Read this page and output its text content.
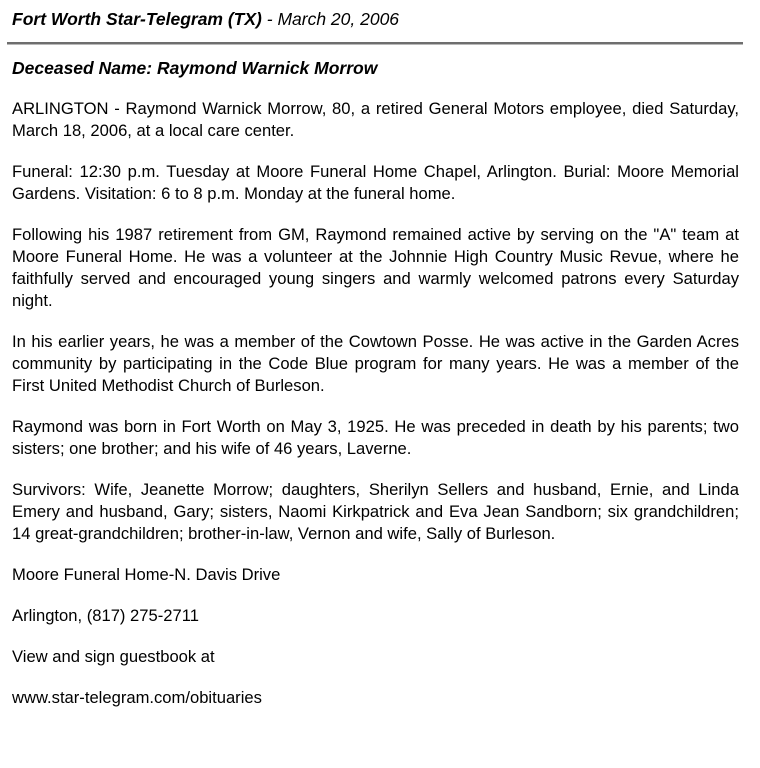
Fort Worth Star-Telegram (TX) - March 20, 2006
Deceased Name: Raymond Warnick Morrow

ARLINGTON - Raymond Warnick Morrow, 80, a retired General Motors employee, died Saturday, March 18, 2006, at a local care center.

Funeral: 12:30 p.m. Tuesday at Moore Funeral Home Chapel, Arlington. Burial: Moore Memorial Gardens. Visitation: 6 to 8 p.m. Monday at the funeral home.

Following his 1987 retirement from GM, Raymond remained active by serving on the "A" team at Moore Funeral Home. He was a volunteer at the Johnnie High Country Music Revue, where he faithfully served and encouraged young singers and warmly welcomed patrons every Saturday night.

In his earlier years, he was a member of the Cowtown Posse. He was active in the Garden Acres community by participating in the Code Blue program for many years. He was a member of the First United Methodist Church of Burleson.

Raymond was born in Fort Worth on May 3, 1925. He was preceded in death by his parents; two sisters; one brother; and his wife of 46 years, Laverne.

Survivors: Wife, Jeanette Morrow; daughters, Sherilyn Sellers and husband, Ernie, and Linda Emery and husband, Gary; sisters, Naomi Kirkpatrick and Eva Jean Sandborn; six grandchildren; 14 great-grandchildren; brother-in-law, Vernon and wife, Sally of Burleson.

Moore Funeral Home-N. Davis Drive

Arlington, (817) 275-2711

View and sign guestbook at

www.star-telegram.com/obituaries
